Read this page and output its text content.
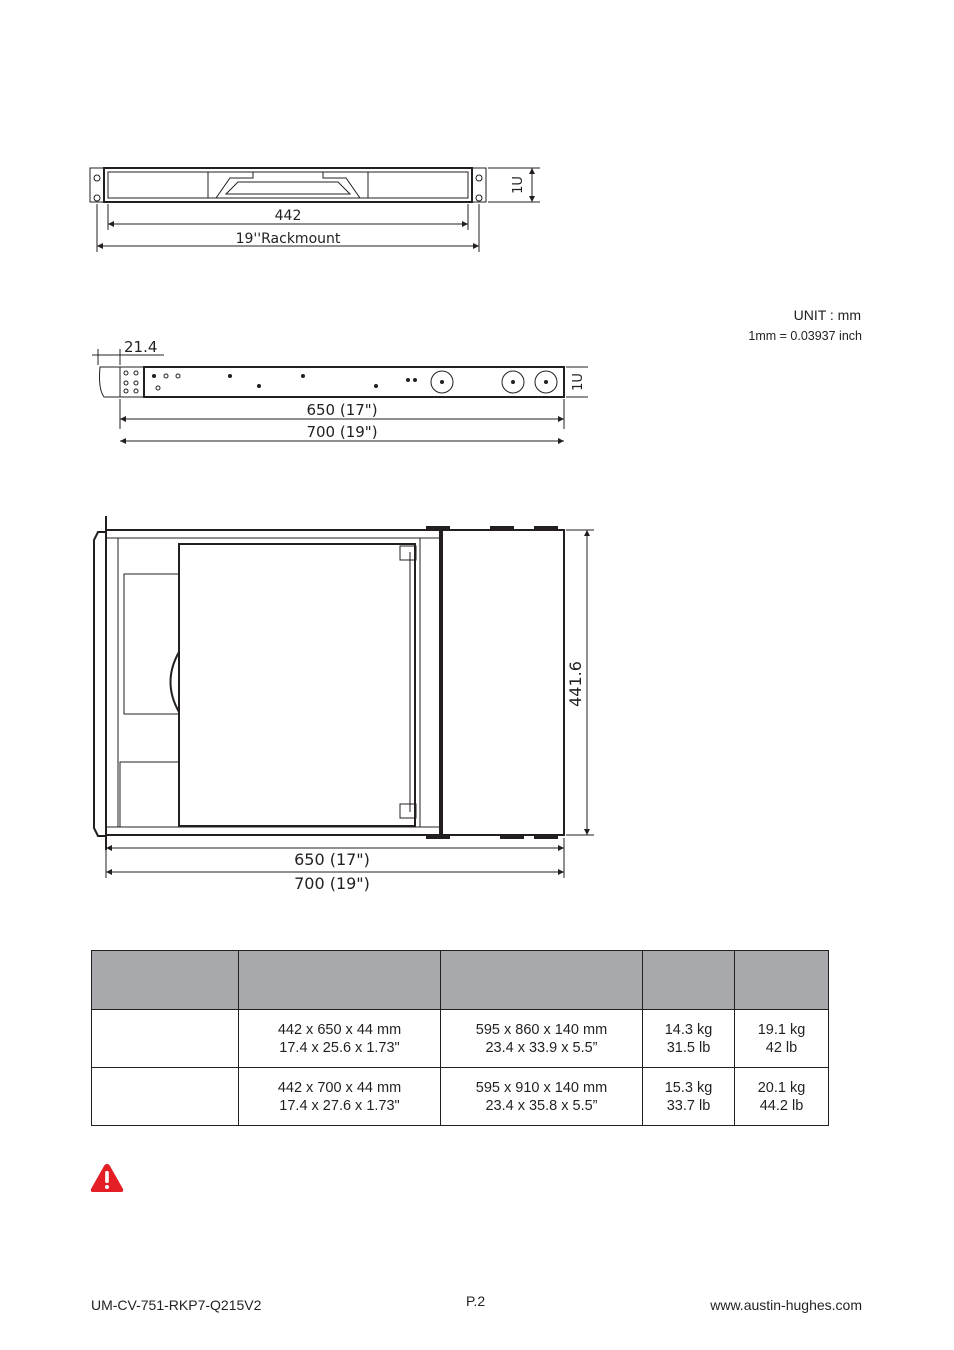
442
19''Rackmount
1U
UNIT : mm
1mm = 0.03937 inch
21.4
1U
650 (17")
700 (19")
441.6
650 (17")
700 (19")

	442 x 650 x 44 mm
17.4 x 25.6 x 1.73"	595 x 860 x 140 mm
23.4 x 33.9 x 5.5”	14.3 kg
31.5 lb	19.1 kg
42 lb

	442 x 700 x 44 mm
17.4 x 27.6 x 1.73"	595 x 910 x 140 mm
23.4 x 35.8 x 5.5”	15.3 kg
33.7 lb	20.1 kg
44.2 lb
UM-CV-751-RKP7-Q215V2	P.2	www.austin-hughes.com
